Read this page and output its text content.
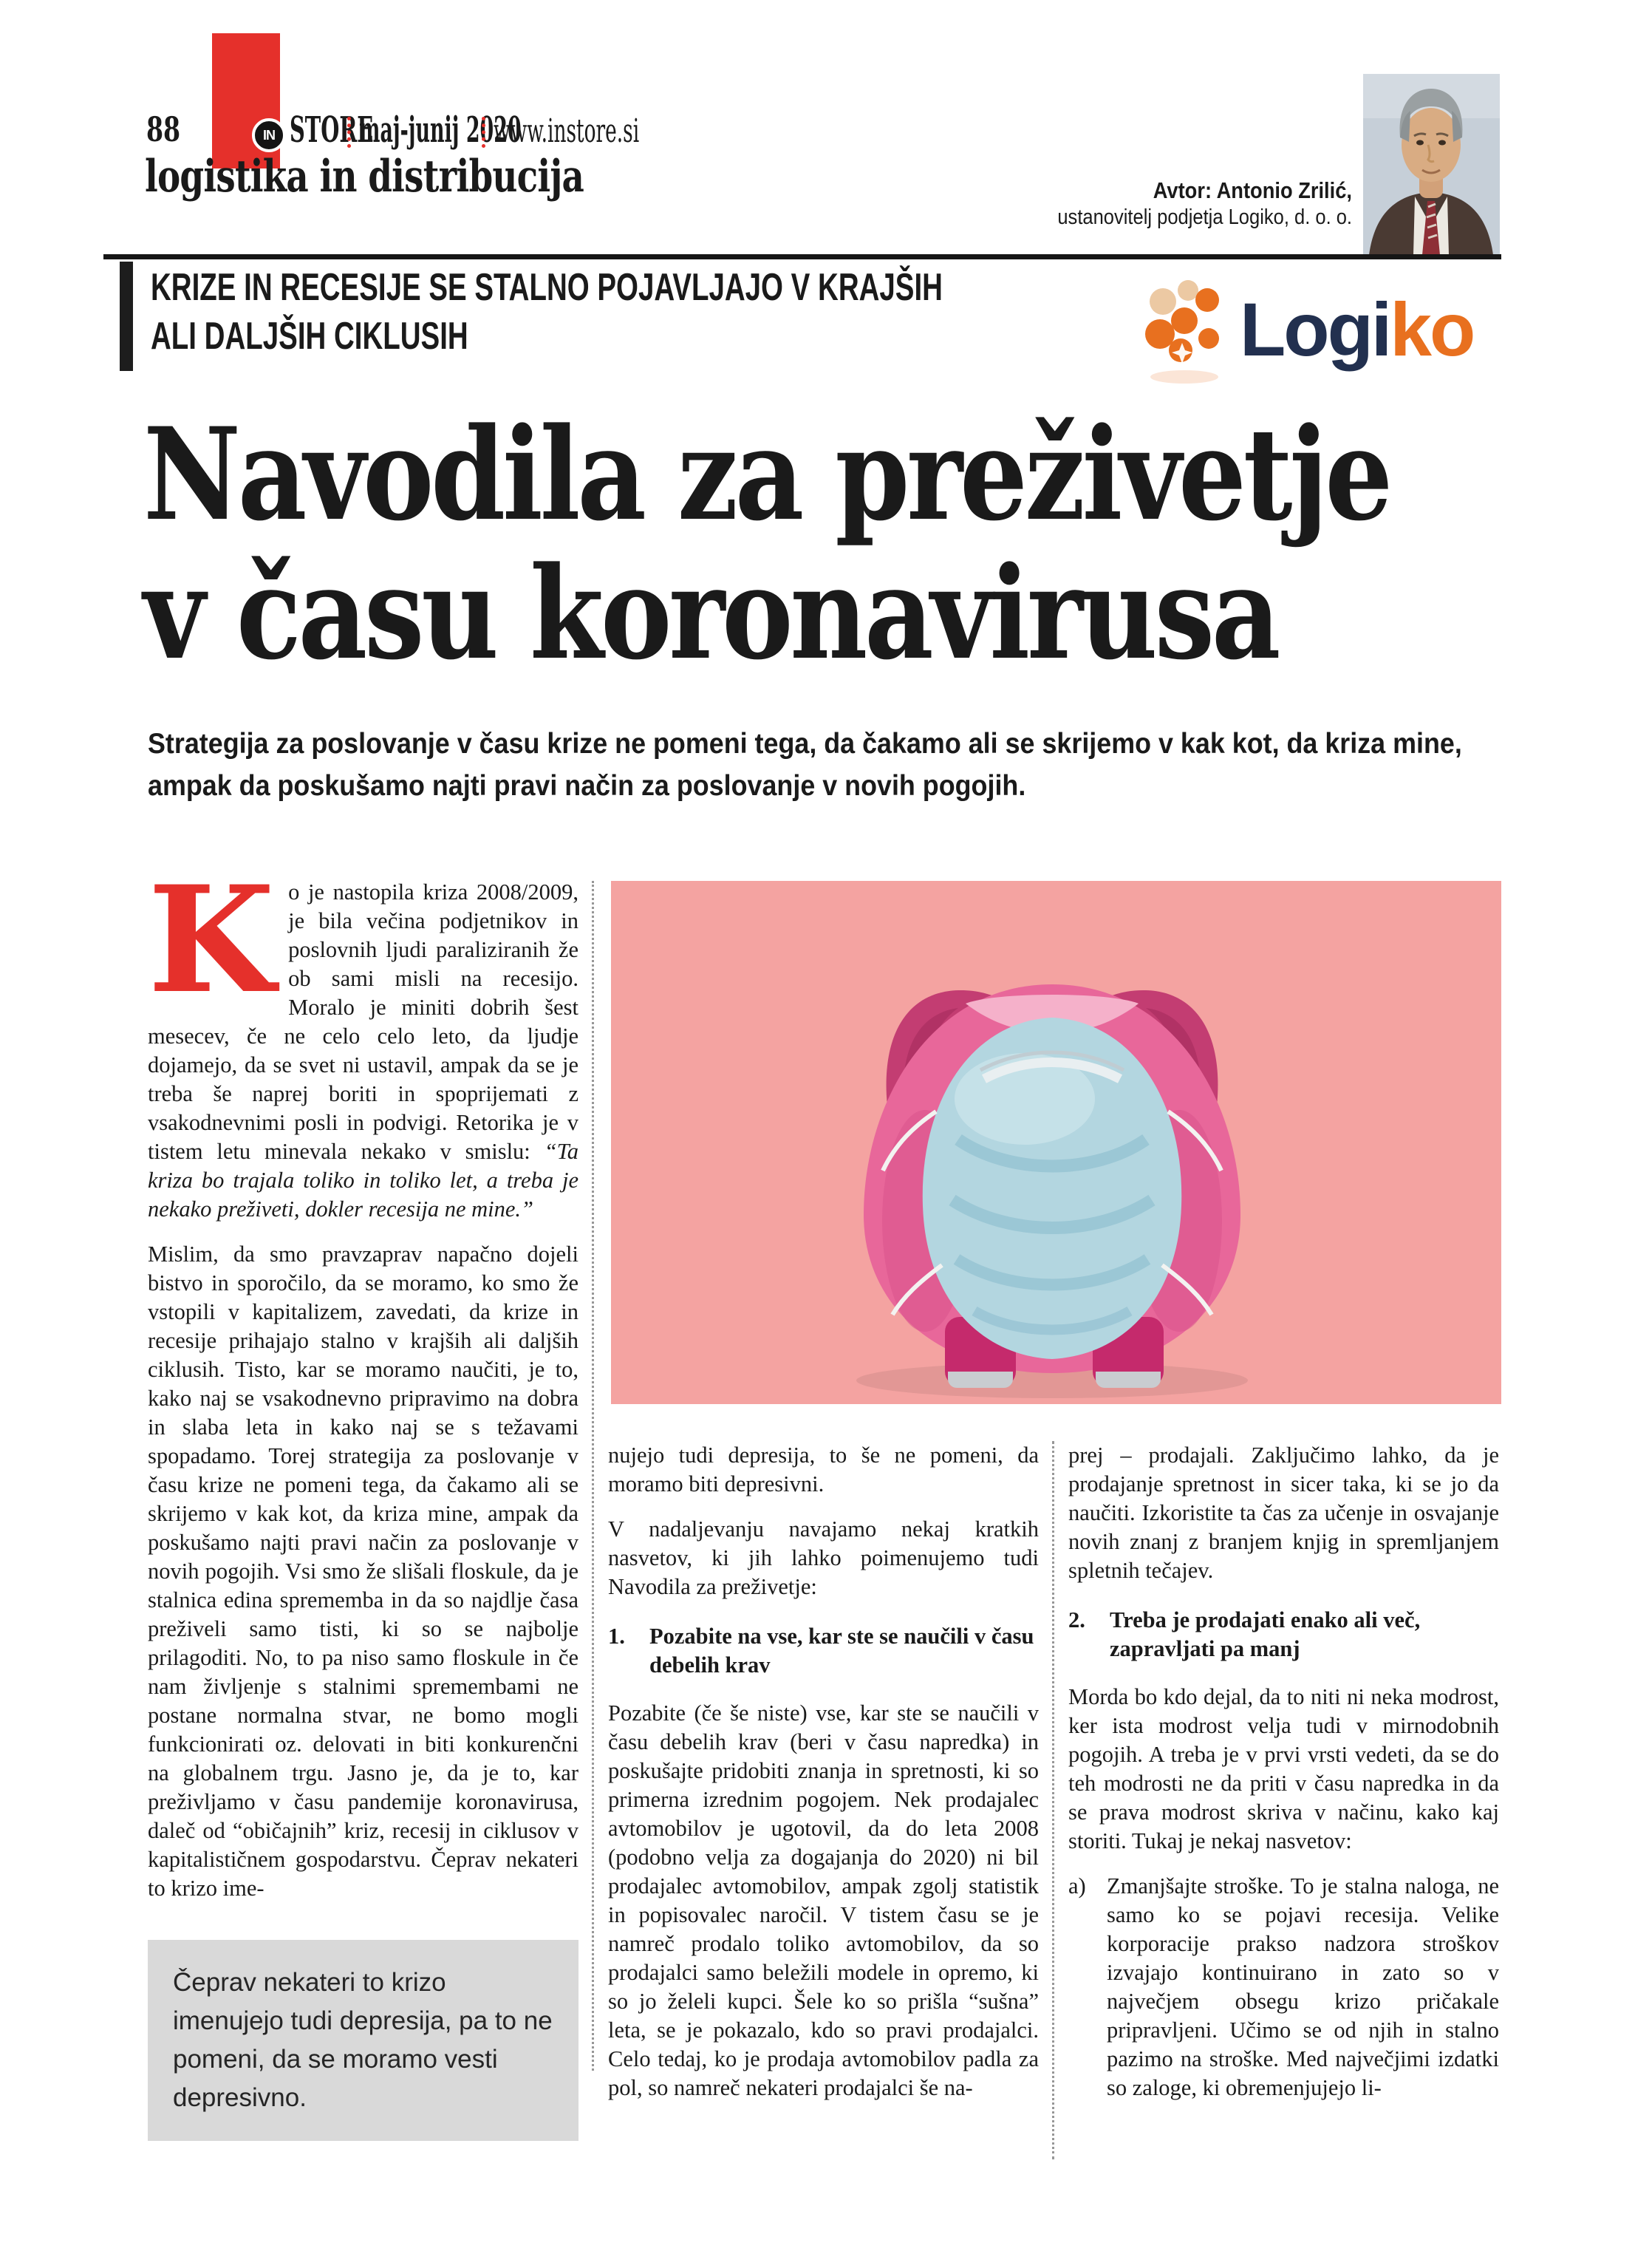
88	IN STORE
maj-junij 2020
www.instore.si
logistika in distribucija	Avtor: Antonio Zrilić,
ustanovitelj podjetja Logiko, d. o. o.
KRIZE IN RECESIJE SE STALNO POJAVLJAJO V KRAJŠIH
ALI DALJŠIH CIKLUSIH	Logiko
Navodila za preživetje
v času koronavirusa
Strategija za poslovanje v času krize ne pomeni tega, da čakamo ali se skrijemo v kak kot, da kriza mine, ampak da poskušamo najti pravi način za poslovanje v novih pogojih.

Ko je nastopila kriza 2008/2009, je bila večina podjetnikov in poslovnih ljudi paraliziranih že ob sami misli na recesijo. Moralo je miniti dobrih šest mesecev, če ne celo celo leto, da ljudje dojamejo, da se svet ni ustavil, ampak da se je treba še naprej boriti in spoprijemati z vsakodnevnimi posli in podvigi. Retorika je v tistem letu minevala nekako v smislu: “Ta kriza bo trajala toliko in toliko let, a treba je nekako preživeti, dokler recesija ne mine.”

Mislim, da smo pravzaprav napačno dojeli bistvo in sporočilo, da se moramo, ko smo že vstopili v kapitalizem, zavedati, da krize in recesije prihajajo stalno v krajših ali daljših ciklusih. Tisto, kar se moramo naučiti, je to, kako naj se vsakodnevno pripravimo na dobra in slaba leta in kako naj se s težavami spopadamo. Torej strategija za poslovanje v času krize ne pomeni tega, da čakamo ali se skrijemo v kak kot, da kriza mine, ampak da poskušamo najti pravi način za poslovanje v novih pogojih. Vsi smo že slišali floskule, da je stalnica edina sprememba in da so najdlje časa preživeli samo tisti, ki so se najbolje prilagoditi. No, to pa niso samo floskule in če nam življenje s stalnimi spremembami ne postane normalna stvar, ne bomo mogli funkcionirati oz. delovati in biti konkurenčni na globalnem trgu. Jasno je, da je to, kar preživljamo v času pandemije koronavirusa, daleč od “običajnih” kriz, recesij in ciklusov v kapitalističnem gospodarstvu. Čeprav nekateri to krizo ime-

Čeprav nekateri to krizo imenujejo tudi depresija, pa to ne pomeni, da se moramo vesti depresivno.

nujejo tudi depresija, to še ne pomeni, da moramo biti depresivni.

V nadaljevanju navajamo nekaj kratkih nasvetov, ki jih lahko poimenujemo tudi Navodila za preživetje:

1.	Pozabite na vse, kar ste se naučili v času debelih krav

Pozabite (če še niste) vse, kar ste se naučili v času debelih krav (beri v času napredka) in poskušajte pridobiti znanja in spretnosti, ki so primerna izrednim pogojem. Nek prodajalec avtomobilov je ugotovil, da do leta 2008 (podobno velja za dogajanja do 2020) ni bil prodajalec avtomobilov, ampak zgolj statistik in popisovalec naročil. V tistem času se je namreč prodalo toliko avtomobilov, da so prodajalci samo beležili modele in opremo, ki so jo želeli kupci. Šele ko so prišla “sušna” leta, se je pokazalo, kdo so pravi prodajalci. Celo tedaj, ko je prodaja avtomobilov padla za pol, so namreč nekateri prodajalci še na-

prej – prodajali. Zaključimo lahko, da je prodajanje spretnost in sicer taka, ki se jo da naučiti. Izkoristite ta čas za učenje in osvajanje novih znanj z branjem knjig in spremljanjem spletnih tečajev.

2.	Treba je prodajati enako ali več, zapravljati pa manj

Morda bo kdo dejal, da to niti ni neka modrost, ker ista modrost velja tudi v mirnodobnih pogojih. A treba je v prvi vrsti vedeti, da se do teh modrosti ne da priti v času napredka in da se prava modrost skriva v načinu, kako kaj storiti. Tukaj je nekaj nasvetov:

a) Zmanjšajte stroške. To je stalna naloga, ne samo ko se pojavi recesija. Velike korporacije prakso nadzora stroškov izvajajo kontinuirano in zato so v največjem obsegu krizo pričakale pripravljeni. Učimo se od njih in stalno pazimo na stroške. Med največjimi izdatki so zaloge, ki obremenjujejo li-
